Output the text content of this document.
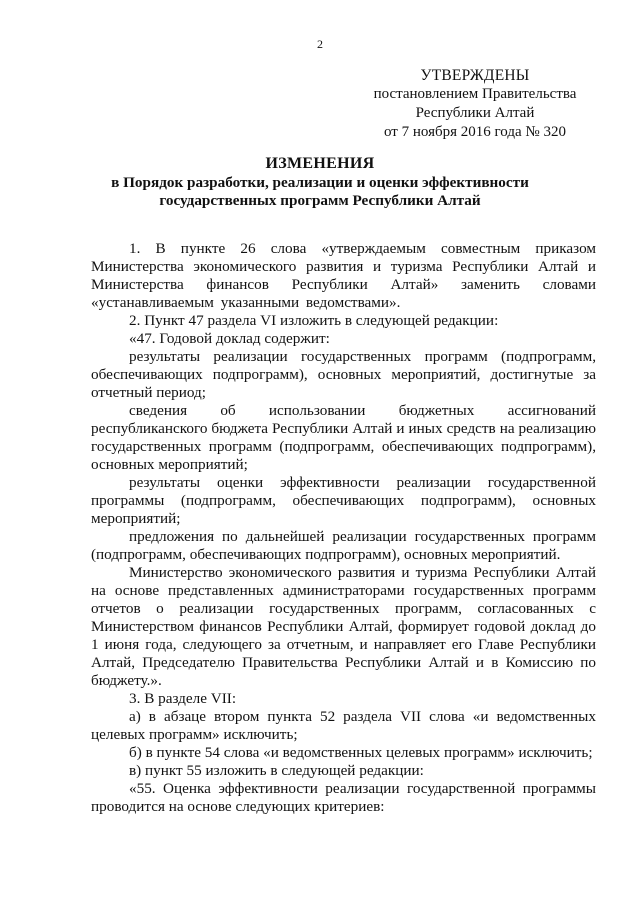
2
УТВЕРЖДЕНЫ
постановлением Правительства
Республики Алтай
от 7 ноября 2016 года № 320
ИЗМЕНЕНИЯ
в Порядок разработки, реализации и оценки эффективности
государственных программ Республики Алтай

1. В пункте 26 слова «утверждаемым совместным приказом Министерства экономического развития и туризма Республики Алтай и Министерства финансов Республики Алтай» заменить словами «устанавливаемым указанными ведомствами».

2. Пункт 47 раздела VI изложить в следующей редакции:

«47. Годовой доклад содержит:

результаты реализации государственных программ (подпрограмм, обеспечивающих подпрограмм), основных мероприятий, достигнутые за отчетный период;

сведения об использовании бюджетных ассигнований республиканского бюджета Республики Алтай и иных средств на реализацию государственных программ (подпрограмм, обеспечивающих подпрограмм), основных мероприятий;

результаты оценки эффективности реализации государственной программы (подпрограмм, обеспечивающих подпрограмм), основных мероприятий;

предложения по дальнейшей реализации государственных программ (подпрограмм, обеспечивающих подпрограмм), основных мероприятий.

Министерство экономического развития и туризма Республики Алтай на основе представленных администраторами государственных программ отчетов о реализации государственных программ, согласованных с Министерством финансов Республики Алтай, формирует годовой доклад до 1 июня года, следующего за отчетным, и направляет его Главе Республики Алтай, Председателю Правительства Республики Алтай и в Комиссию по бюджету.».

3. В разделе VII:

а) в абзаце втором пункта 52 раздела VII слова «и ведомственных целевых программ» исключить;

б) в пункте 54 слова «и ведомственных целевых программ» исключить;

в) пункт 55 изложить в следующей редакции:

«55. Оценка эффективности реализации государственной программы проводится на основе следующих критериев:
